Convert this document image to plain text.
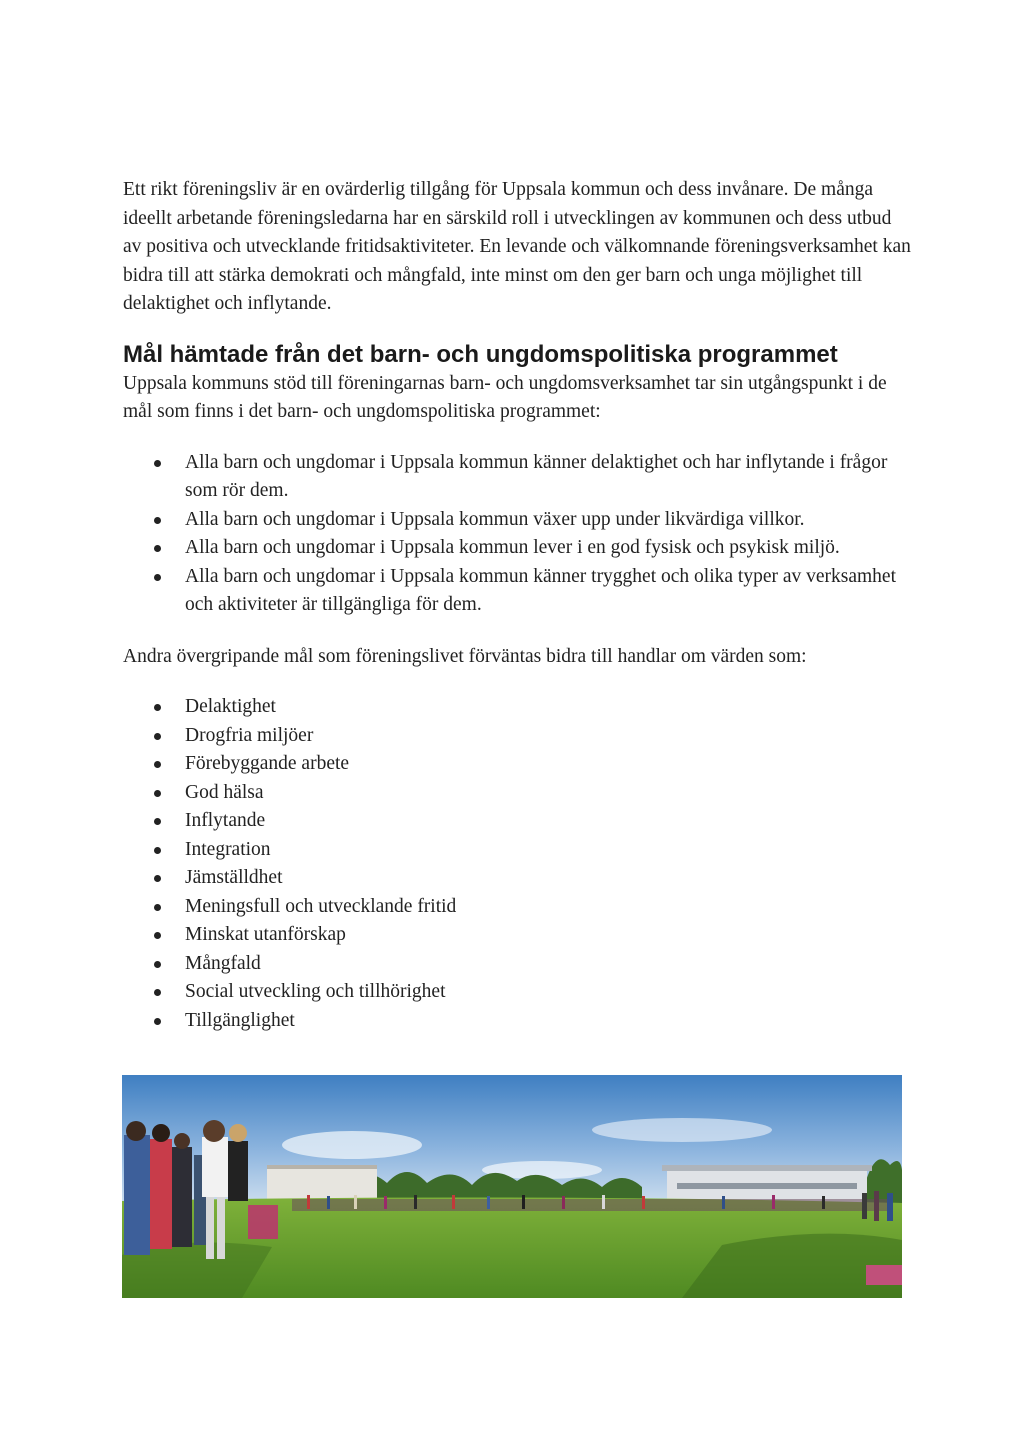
Ett rikt föreningsliv är en ovärderlig tillgång för Uppsala kommun och dess invånare. De många ideellt arbetande föreningsledarna har en särskild roll i utvecklingen av kommunen och dess utbud av positiva och utvecklande fritidsaktiviteter. En levande och välkomnande föreningsverksamhet kan bidra till att stärka demokrati och mångfald, inte minst om den ger barn och unga möjlighet till delaktighet och inflytande.

Mål hämtade från det barn- och ungdomspolitiska programmet

Uppsala kommuns stöd till föreningarnas barn- och ungdomsverksamhet tar sin utgångspunkt i de mål som finns i det barn- och ungdomspolitiska programmet:

Alla barn och ungdomar i Uppsala kommun känner delaktighet och har inflytande i frågor som rör dem.
Alla barn och ungdomar i Uppsala kommun växer upp under likvärdiga villkor.
Alla barn och ungdomar i Uppsala kommun lever i en god fysisk och psykisk miljö.
Alla barn och ungdomar i Uppsala kommun känner trygghet och olika typer av verksamhet och aktiviteter är tillgängliga för dem.

Andra övergripande mål som föreningslivet förväntas bidra till handlar om värden som:

Delaktighet
Drogfria miljöer
Förebyggande arbete
God hälsa
Inflytande
Integration
Jämställdhet
Meningsfull och utvecklande fritid
Minskat utanförskap
Mångfald
Social utveckling och tillhörighet
Tillgänglighet
